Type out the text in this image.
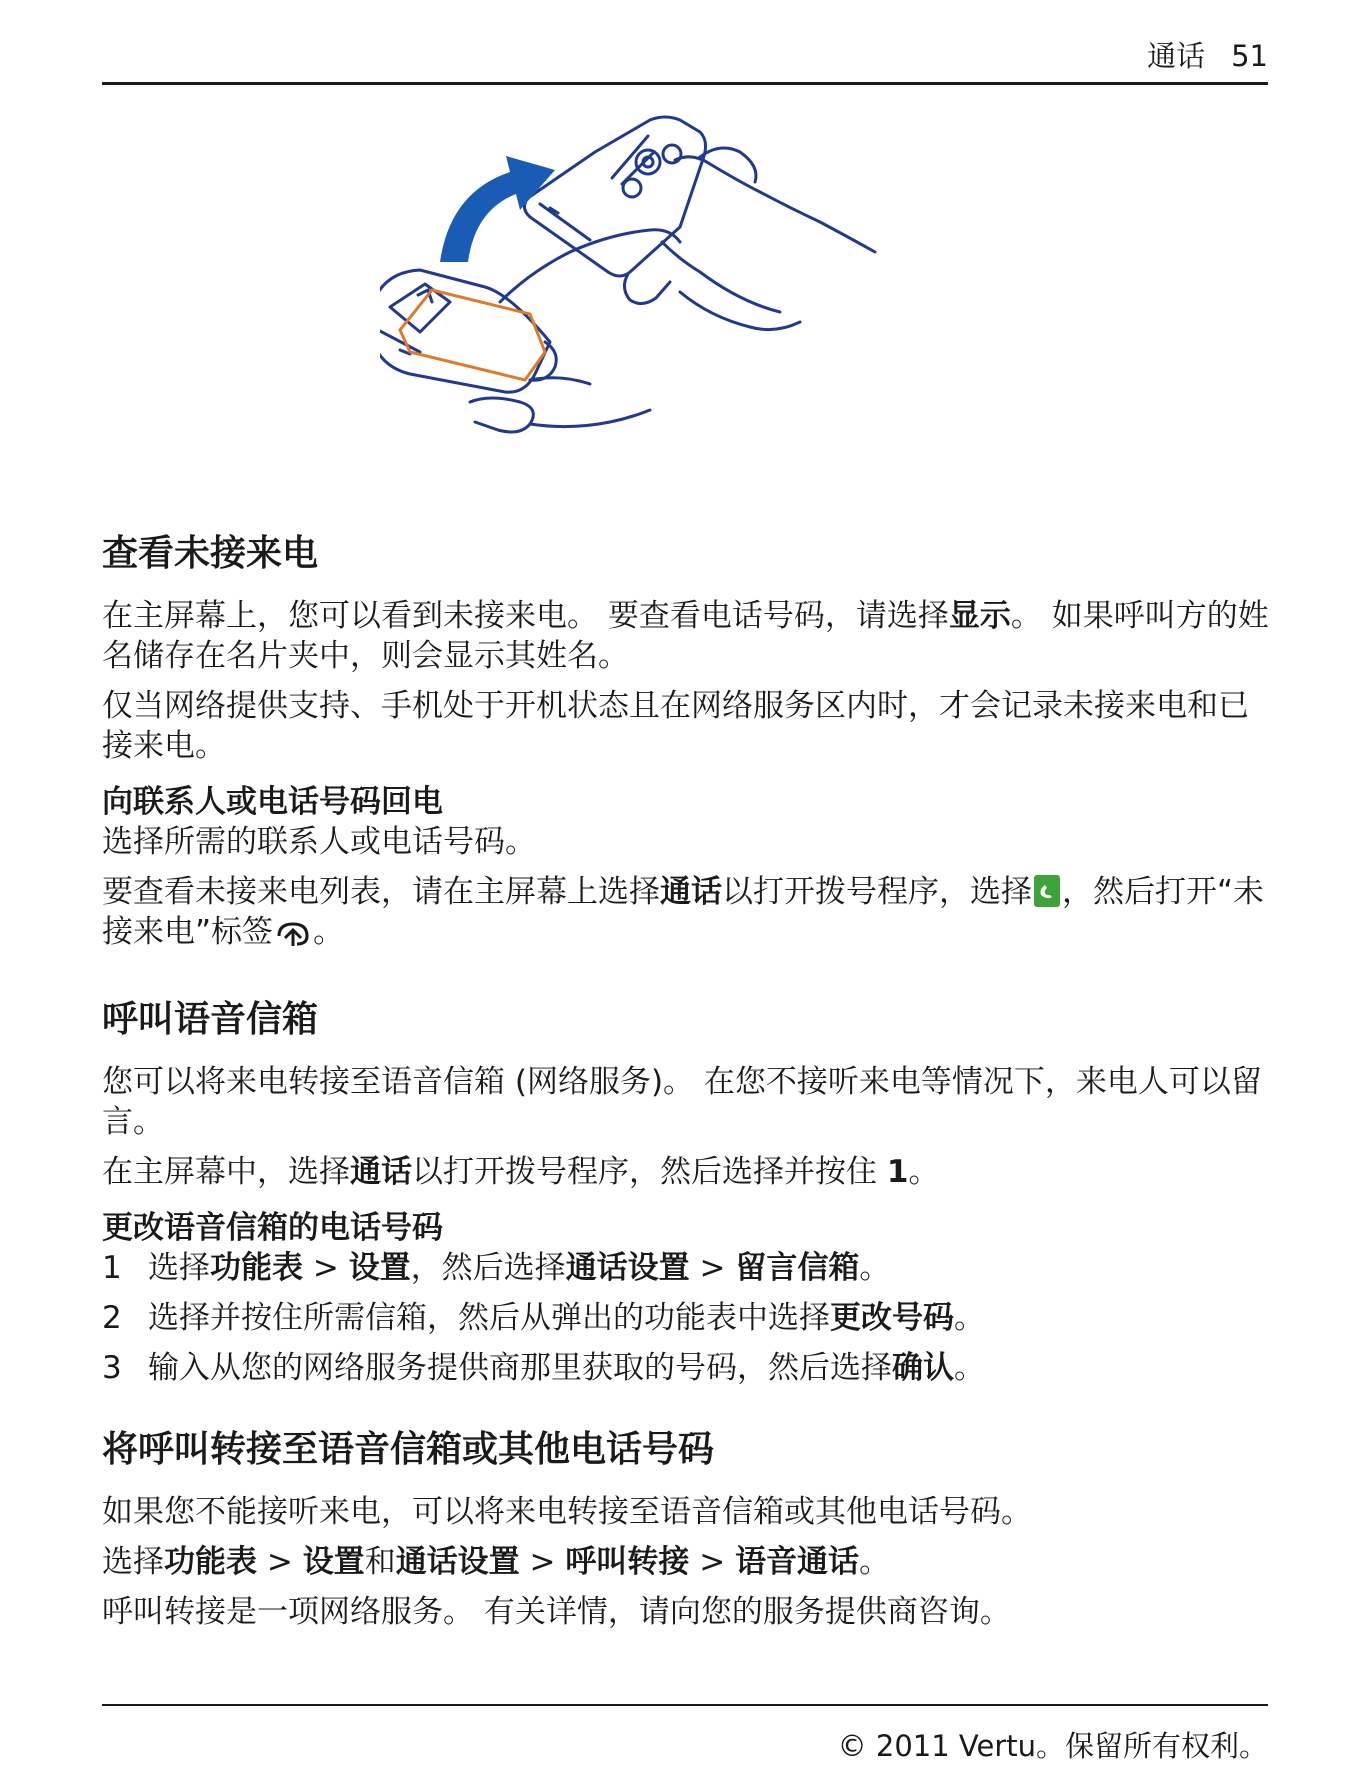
通话 51
查看未接来电

在主屏幕上，您可以看到未接来电。 要查看电话号码，请选择显示。 如果呼叫方的姓名储存在名片夹中，则会显示其姓名。

仅当网络提供支持、手机处于开机状态且在网络服务区内时，才会记录未接来电和已接来电。

向联系人或电话号码回电

选择所需的联系人或电话号码。

要查看未接来电列表，请在主屏幕上选择通话以打开拨号程序，选择 ，然后打开“未接来电”标签 。

呼叫语音信箱

您可以将来电转接至语音信箱 (网络服务)。 在您不接听来电等情况下，来电人可以留言。

在主屏幕中，选择通话以打开拨号程序，然后选择并按住 1。

更改语音信箱的电话号码
1 选择功能表 > 设置，然后选择通话设置 > 留言信箱。
2 选择并按住所需信箱，然后从弹出的功能表中选择更改号码。
3 输入从您的网络服务提供商那里获取的号码，然后选择确认。
将呼叫转接至语音信箱或其他电话号码

如果您不能接听来电，可以将来电转接至语音信箱或其他电话号码。

选择功能表 > 设置和通话设置 > 呼叫转接 > 语音通话。

呼叫转接是一项网络服务。 有关详情，请向您的服务提供商咨询。

© 2011 Vertu。保留所有权利。
